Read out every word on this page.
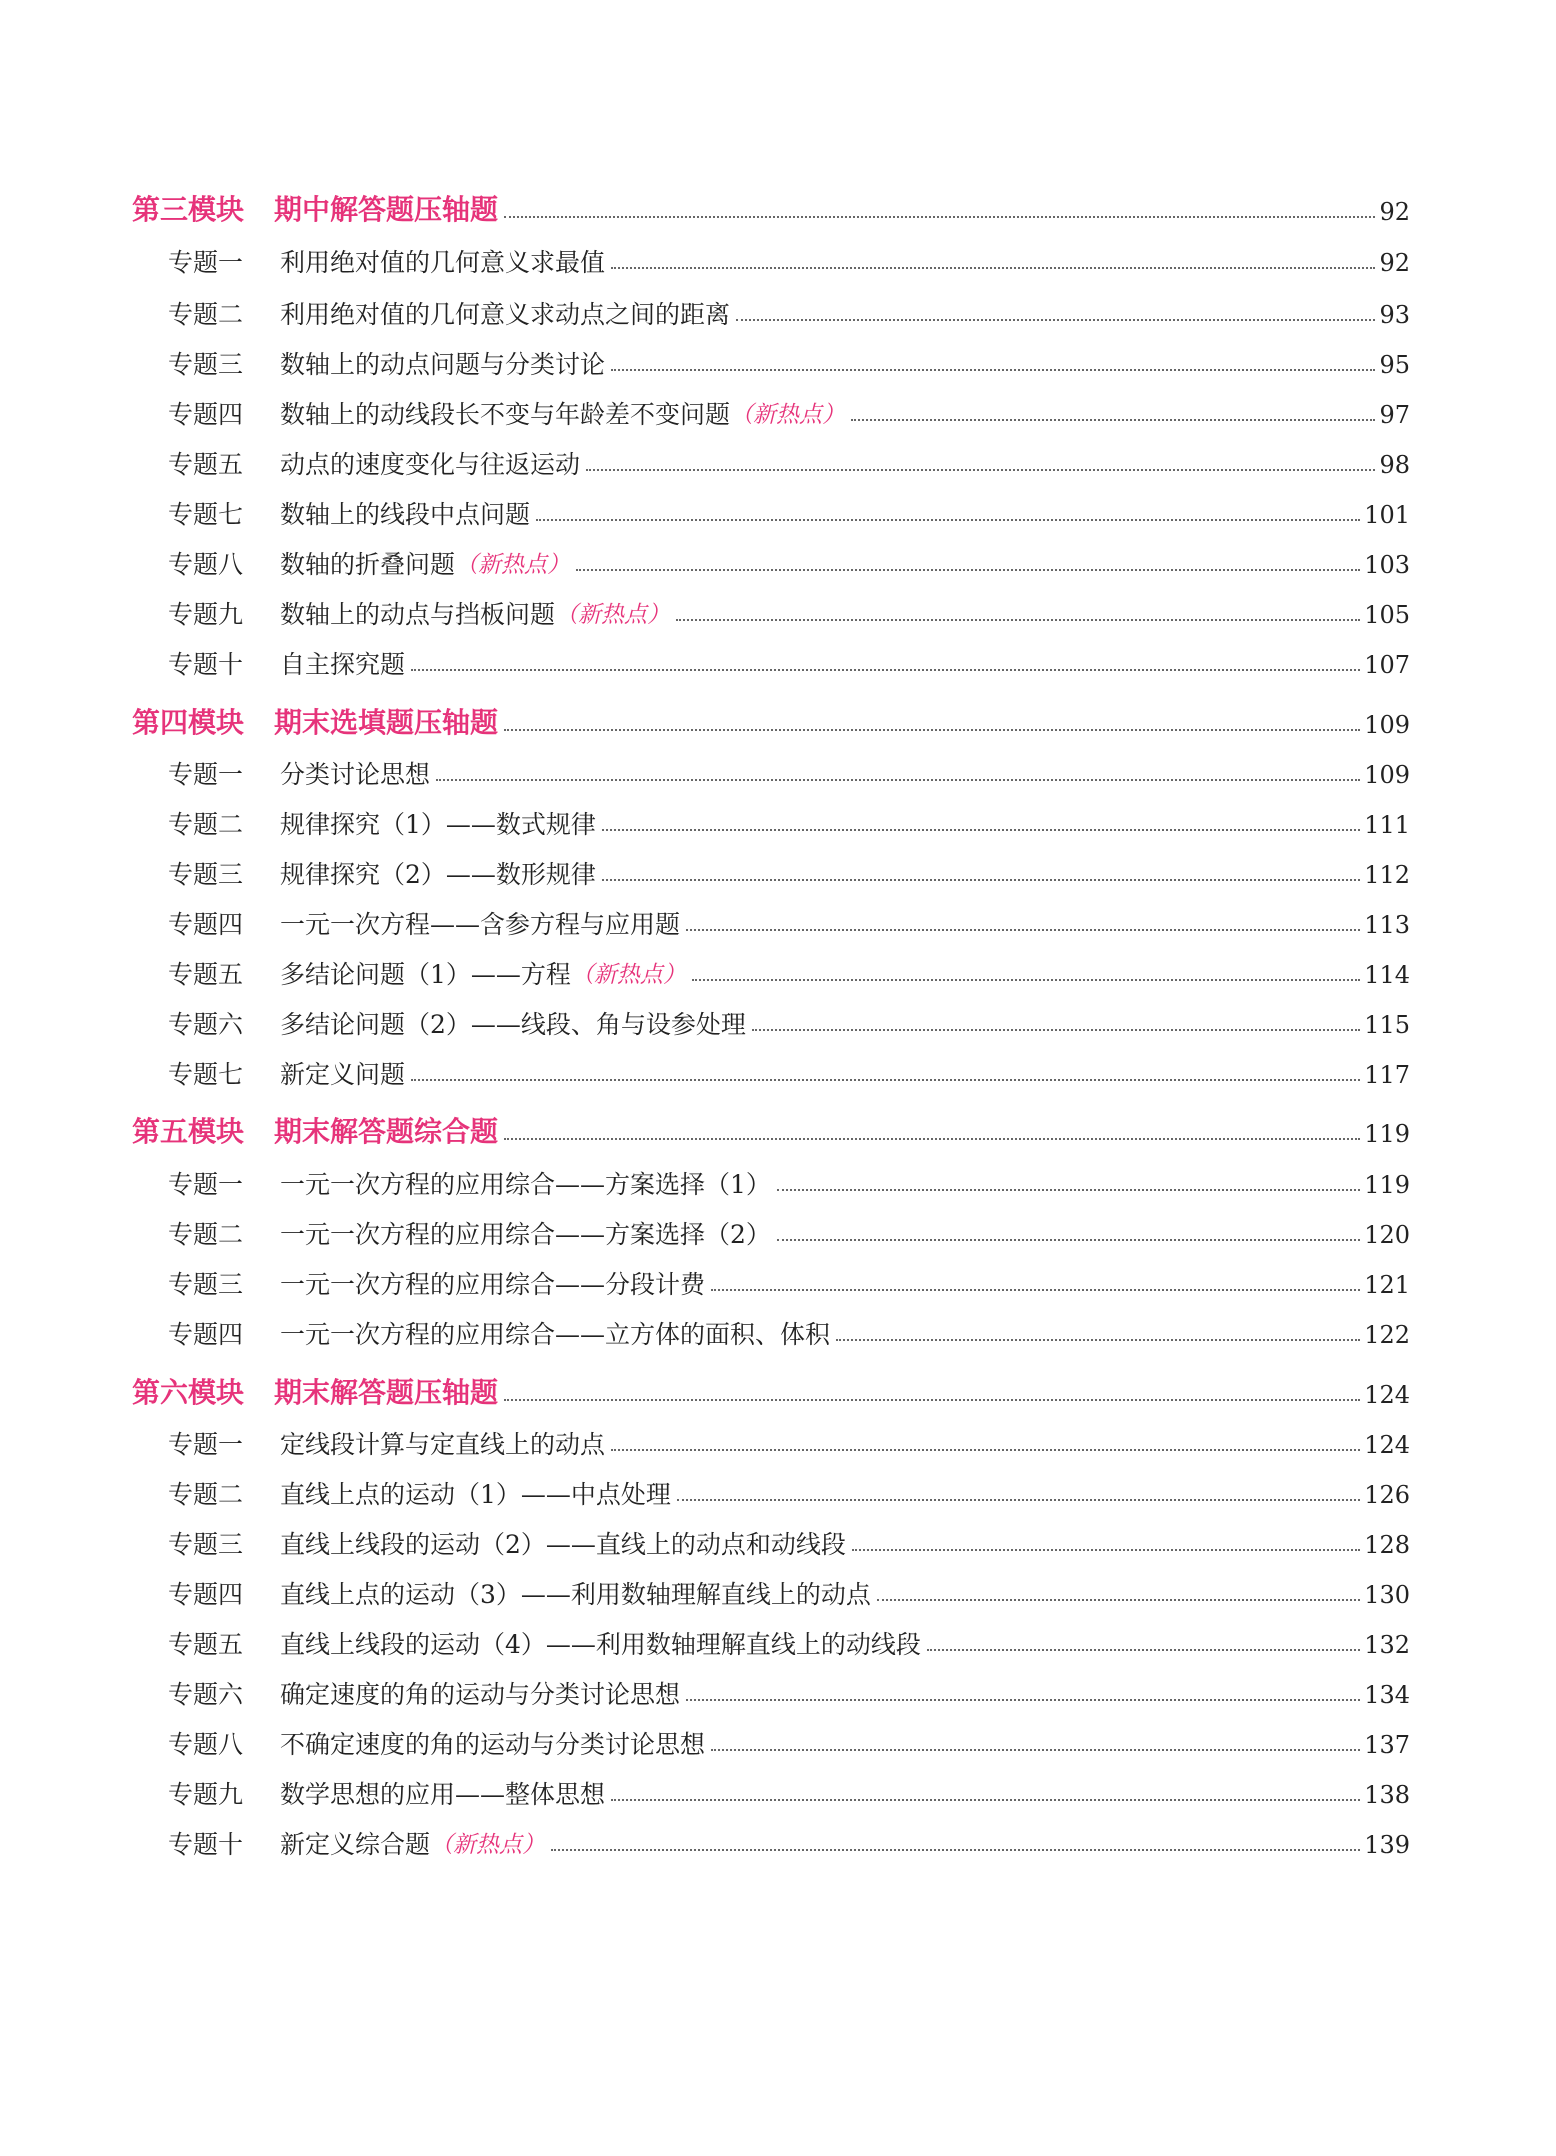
第三模块 期中解答题压轴题	92
专题一	利用绝对值的几何意义求最值	92
专题二	利用绝对值的几何意义求动点之间的距离	93
专题三	数轴上的动点问题与分类讨论	95
专题四	数轴上的动线段长不变与年龄差不变问题 （新热点）	97
专题五	动点的速度变化与往返运动	98
专题七	数轴上的线段中点问题	101
专题八	数轴的折叠问题 （新热点）	103
专题九	数轴上的动点与挡板问题 （新热点）	105
专题十	自主探究题	107
第四模块 期末选填题压轴题	109
专题一	分类讨论思想	109
专题二	规律探究（1）——数式规律	111
专题三	规律探究（2）——数形规律	112
专题四	一元一次方程——含参方程与应用题	113
专题五	多结论问题（1）——方程 （新热点）	114
专题六	多结论问题（2）——线段、角与设参处理	115
专题七	新定义问题	117
第五模块 期末解答题综合题	119
专题一	一元一次方程的应用综合——方案选择（1）	119
专题二	一元一次方程的应用综合——方案选择（2）	120
专题三	一元一次方程的应用综合——分段计费	121
专题四	一元一次方程的应用综合——立方体的面积、体积	122
第六模块 期末解答题压轴题	124
专题一	定线段计算与定直线上的动点	124
专题二	直线上点的运动（1）——中点处理	126
专题三	直线上线段的运动（2）——直线上的动点和动线段	128
专题四	直线上点的运动（3）——利用数轴理解直线上的动点	130
专题五	直线上线段的运动（4）——利用数轴理解直线上的动线段	132
专题六	确定速度的角的运动与分类讨论思想	134
专题八	不确定速度的角的运动与分类讨论思想	137
专题九	数学思想的应用——整体思想	138
专题十	新定义综合题 （新热点）	139
